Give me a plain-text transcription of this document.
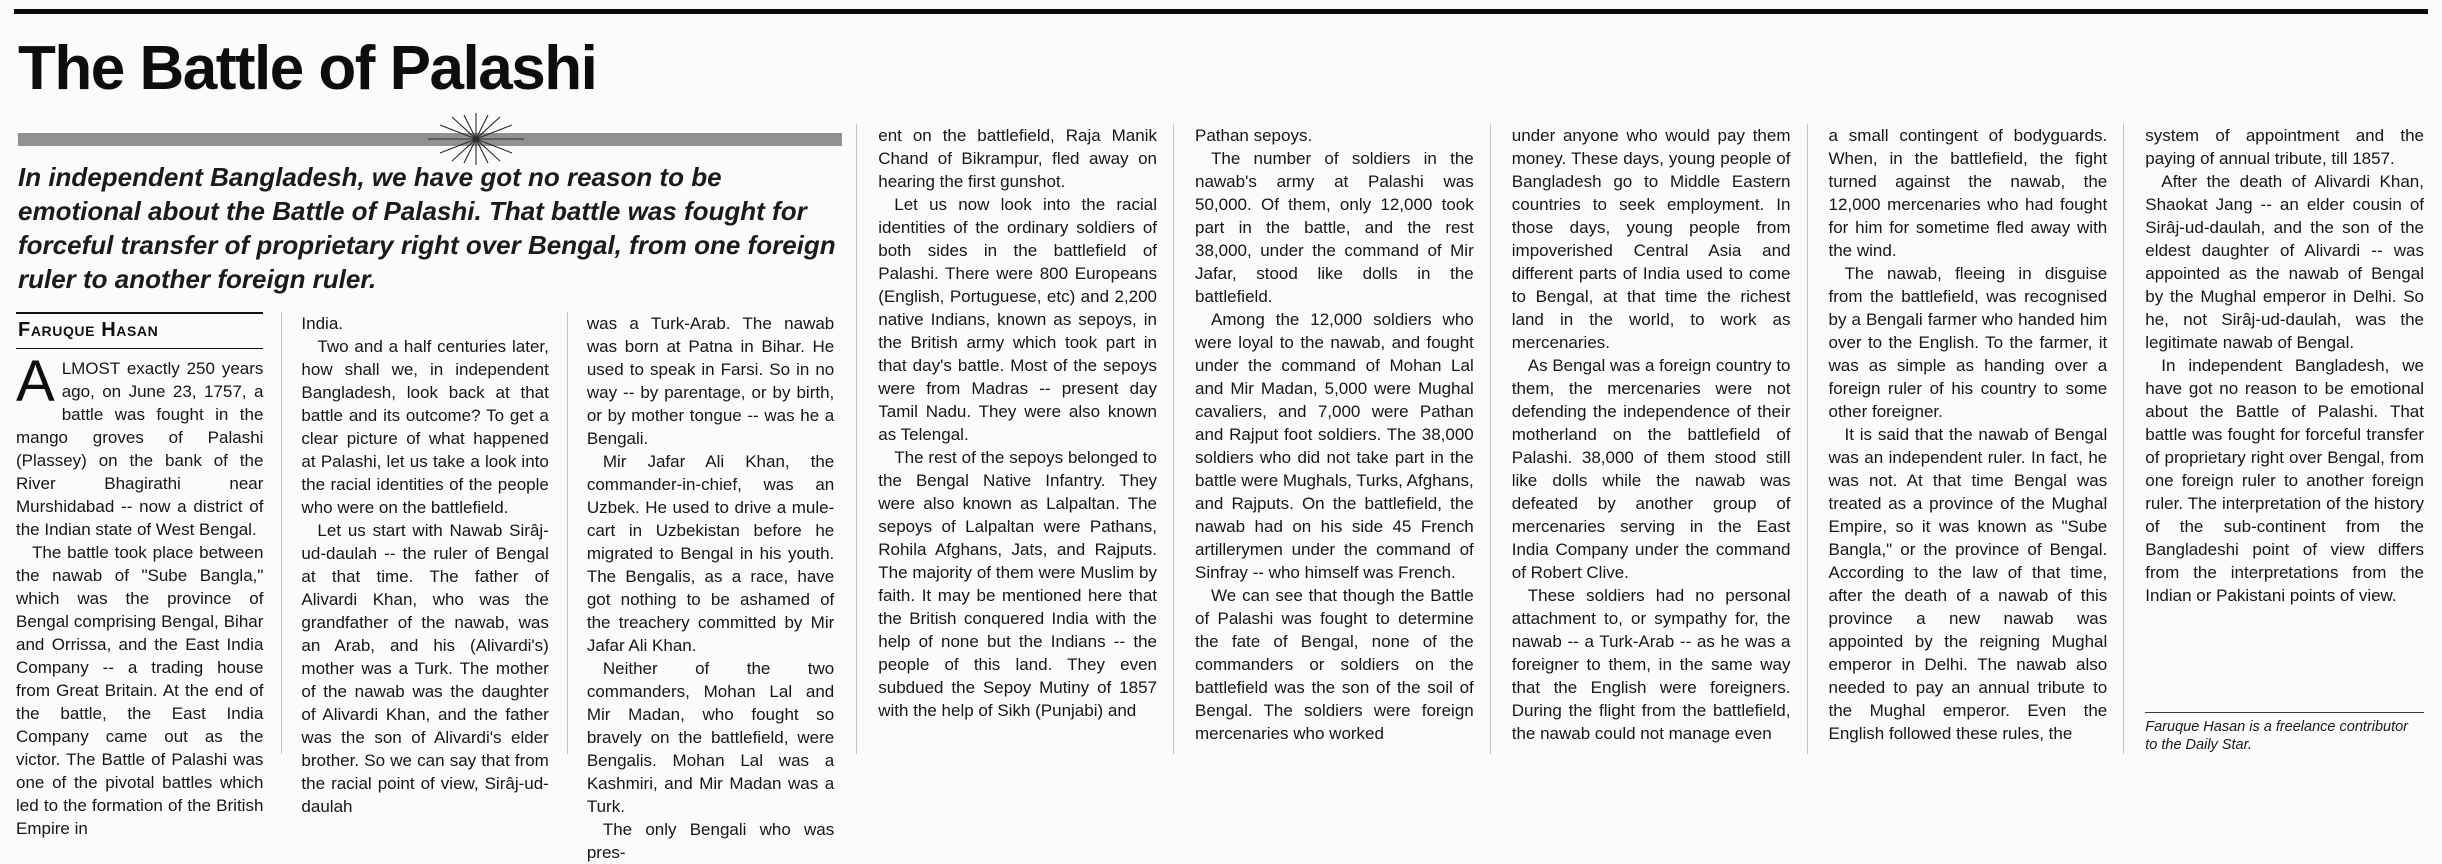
The Battle of Palashi

In independent Bangladesh, we have got no reason to be emotional about the Battle of Palashi. That battle was fought for forceful transfer of proprietary right over Bengal, from one foreign ruler to another foreign ruler.

Faruque Hasan

ALMOST exactly 250 years ago, on June 23, 1757, a battle was fought in the mango groves of Palashi (Plassey) on the bank of the River Bhagirathi near Murshidabad -- now a district of the Indian state of West Bengal.

The battle took place between the nawab of "Sube Bangla," which was the province of Bengal comprising Bengal, Bihar and Orrissa, and the East India Company -- a trading house from Great Britain. At the end of the battle, the East India Company came out as the victor. The Battle of Palashi was one of the pivotal battles which led to the formation of the British Empire in

India.

Two and a half centuries later, how shall we, in independent Bangladesh, look back at that battle and its outcome? To get a clear picture of what happened at Palashi, let us take a look into the racial identities of the people who were on the battlefield.

Let us start with Nawab Sirâj-ud-daulah -- the ruler of Bengal at that time. The father of Alivardi Khan, who was the grandfather of the nawab, was an Arab, and his (Alivardi's) mother was a Turk. The mother of the nawab was the daughter of Alivardi Khan, and the father was the son of Alivardi's elder brother. So we can say that from the racial point of view, Sirâj-ud-daulah

was a Turk-Arab. The nawab was born at Patna in Bihar. He used to speak in Farsi. So in no way -- by parentage, or by birth, or by mother tongue -- was he a Bengali.

Mir Jafar Ali Khan, the commander-in-chief, was an Uzbek. He used to drive a mule-cart in Uzbekistan before he migrated to Bengal in his youth. The Bengalis, as a race, have got nothing to be ashamed of the treachery committed by Mir Jafar Ali Khan.

Neither of the two commanders, Mohan Lal and Mir Madan, who fought so bravely on the battlefield, were Bengalis. Mohan Lal was a Kashmiri, and Mir Madan was a Turk.

The only Bengali who was pres-

ent on the battlefield, Raja Manik Chand of Bikrampur, fled away on hearing the first gunshot.

Let us now look into the racial identities of the ordinary soldiers of both sides in the battlefield of Palashi. There were 800 Europeans (English, Portuguese, etc) and 2,200 native Indians, known as sepoys, in the British army which took part in that day's battle. Most of the sepoys were from Madras -- present day Tamil Nadu. They were also known as Telengal.

The rest of the sepoys belonged to the Bengal Native Infantry. They were also known as Lalpaltan. The sepoys of Lalpaltan were Pathans, Rohila Afghans, Jats, and Rajputs. The majority of them were Muslim by faith. It may be mentioned here that the British conquered India with the help of none but the Indians -- the people of this land. They even subdued the Sepoy Mutiny of 1857 with the help of Sikh (Punjabi) and

Pathan sepoys.

The number of soldiers in the nawab's army at Palashi was 50,000. Of them, only 12,000 took part in the battle, and the rest 38,000, under the command of Mir Jafar, stood like dolls in the battlefield.

Among the 12,000 soldiers who were loyal to the nawab, and fought under the command of Mohan Lal and Mir Madan, 5,000 were Mughal cavaliers, and 7,000 were Pathan and Rajput foot soldiers. The 38,000 soldiers who did not take part in the battle were Mughals, Turks, Afghans, and Rajputs. On the battlefield, the nawab had on his side 45 French artillerymen under the command of Sinfray -- who himself was French.

We can see that though the Battle of Palashi was fought to determine the fate of Bengal, none of the commanders or soldiers on the battlefield was the son of the soil of Bengal. The soldiers were foreign mercenaries who worked

under anyone who would pay them money. These days, young people of Bangladesh go to Middle Eastern countries to seek employment. In those days, young people from impoverished Central Asia and different parts of India used to come to Bengal, at that time the richest land in the world, to work as mercenaries.

As Bengal was a foreign country to them, the mercenaries were not defending the independence of their motherland on the battlefield of Palashi. 38,000 of them stood still like dolls while the nawab was defeated by another group of mercenaries serving in the East India Company under the command of Robert Clive.

These soldiers had no personal attachment to, or sympathy for, the nawab -- a Turk-Arab -- as he was a foreigner to them, in the same way that the English were foreigners. During the flight from the battlefield, the nawab could not manage even

a small contingent of bodyguards. When, in the battlefield, the fight turned against the nawab, the 12,000 mercenaries who had fought for him for sometime fled away with the wind.

The nawab, fleeing in disguise from the battlefield, was recognised by a Bengali farmer who handed him over to the English. To the farmer, it was as simple as handing over a foreign ruler of his country to some other foreigner.

It is said that the nawab of Bengal was an independent ruler. In fact, he was not. At that time Bengal was treated as a province of the Mughal Empire, so it was known as "Sube Bangla," or the province of Bengal. According to the law of that time, after the death of a nawab of this province a new nawab was appointed by the reigning Mughal emperor in Delhi. The nawab also needed to pay an annual tribute to the Mughal emperor. Even the English followed these rules, the

system of appointment and the paying of annual tribute, till 1857.

After the death of Alivardi Khan, Shaokat Jang -- an elder cousin of Sirâj-ud-daulah, and the son of the eldest daughter of Alivardi -- was appointed as the nawab of Bengal by the Mughal emperor in Delhi. So he, not Sirâj-ud-daulah, was the legitimate nawab of Bengal.

In independent Bangladesh, we have got no reason to be emotional about the Battle of Palashi. That battle was fought for forceful transfer of proprietary right over Bengal, from one foreign ruler to another foreign ruler. The interpretation of the history of the sub-continent from the Bangladeshi point of view differs from the interpretations from the Indian or Pakistani points of view.

Faruque Hasan is a freelance contributor to the Daily Star.
